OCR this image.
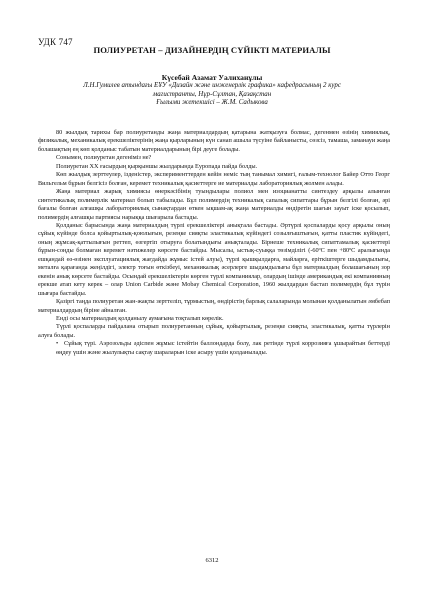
УДК 747
ПОЛИУРЕТАН – ДИЗАЙНЕРДІҢ СҮЙІКТІ МАТЕРИАЛЫ
Күсебай Азамат Уалиханұлы
Л.Н.Гумилев атындағы ЕҰУ «Дизайн және инженерлік графика» кафедрасының 2 курс
магистранты, Нұр-Сұлтан, Қазақстан
Ғылыми жетекшісі – Ж.М. Садыкова

80 жылдық тарихы бар полиуретанды жаңа материалдардың қатарына жатқызуға болмас, дегенмен өзінің химиялық, физикалық, механикалық ерекшеліктерінің жаңа қырларының күн санап ашыла түсуіне байланысты, сөзсіз, тамаша, заманауи жаңа болашақтың ең көп қолданыс табатын материалдарының бірі деуге болады.

Сонымен, полиуретан дегеніміз не?

Полиуретан ХХ ғасырдың қырқыншы жылдарында Еуропада пайда болды.

Көп жылдық зерттеулер, ізденістер, эксперименттерден кейін неміс тың танымал химигі, ғалым-технолог Байер Отто Георг Вильгельм бұрын белгісіз болған, керемет техникалық қасиеттерге ие материалды лабораториялық жолмен алады.

Жаңа материал жарық химиясы өнеркәсібінің туындылары полиол мен изоцианатты синтездеу арқылы алынған синтетикалық полимерлік материал болып табылады. Бұл полимердің техникалық сапалық сипаттары бұрын белгілі болған, әрі бағалы болған алғашқы лабораториялық сынақтардан өткен ықшам-ақ жаңа материалды өндіретін шағын зауыт іске қосылып, полимердің алғашқы партиясы нарыққа шығарыла бастады.

Қолданыс барысында жаңа материалдың түрлі ерекшеліктері анықтала бастады. Әртүрлі қоспаларды қосу арқылы оның сұйық күйінде болса қойыртылық-қоюлығын, резеңке сияқты эластикалық күйіндегі созылғыштығын, қатты пластик күйіндегі, оның жұмсақ-қаттылығын реттеп, өзгертіп отыруға болатындығы анықталады. Бірнеше техникалық сипаттамалық қасиеттері бұрын-соңды болмаған керемет нәтижелер көрсете бастайды. Мысалы, ыстық-суыққа төзімділігі (-60ºС пен +80ºС аралығында ешқандай өз-өзінен эксплуатациялық жағдайда жұмыс істей алуы), түрлі қышқылдарға, майларға, еріткіштерге шыдамдылығы, металға қарағанда жеңілдігі, электр тоғын өткізбеуі, механикалық әсерлерге шыдамдылығы бұл материалдың болашағының зор екенін анық көрсете бастайды. Осындай ерекшеліктерін көрген түрлі компаниялар, олардың ішінде американдық екі компанияның ерекше атап кету керек – олар Union Carbide және Mobay Chemical Corporation, 1960 жылдардан бастап полимердің бұл түрін шығара бастайды.

Қазіргі таңда полиуретан жан-жақты зерттеліп, тұрмыстың, өндірістің барлық салаларында молынан қолданылатын әмбебап материалдардың біріне айналған.

Енді осы материалдың қолданылу аумағына тоқталып көрелік.

Түрлі қоспаларды пайдалана отырып полиуретанның сұйық, қойыртылық, резеңке сияқты, эластикалық, қатты түрлерін алуға болады.

• Сұйық түрі. Аэрозольды әдіспен жұмыс істейтін баллондарда болу, лак ретінде түрлі коррозияға ұшырайтын беттерді өңдеу үшін және жылулықты сақтау шараларын іске асыру үшін қолданылады.

6312
